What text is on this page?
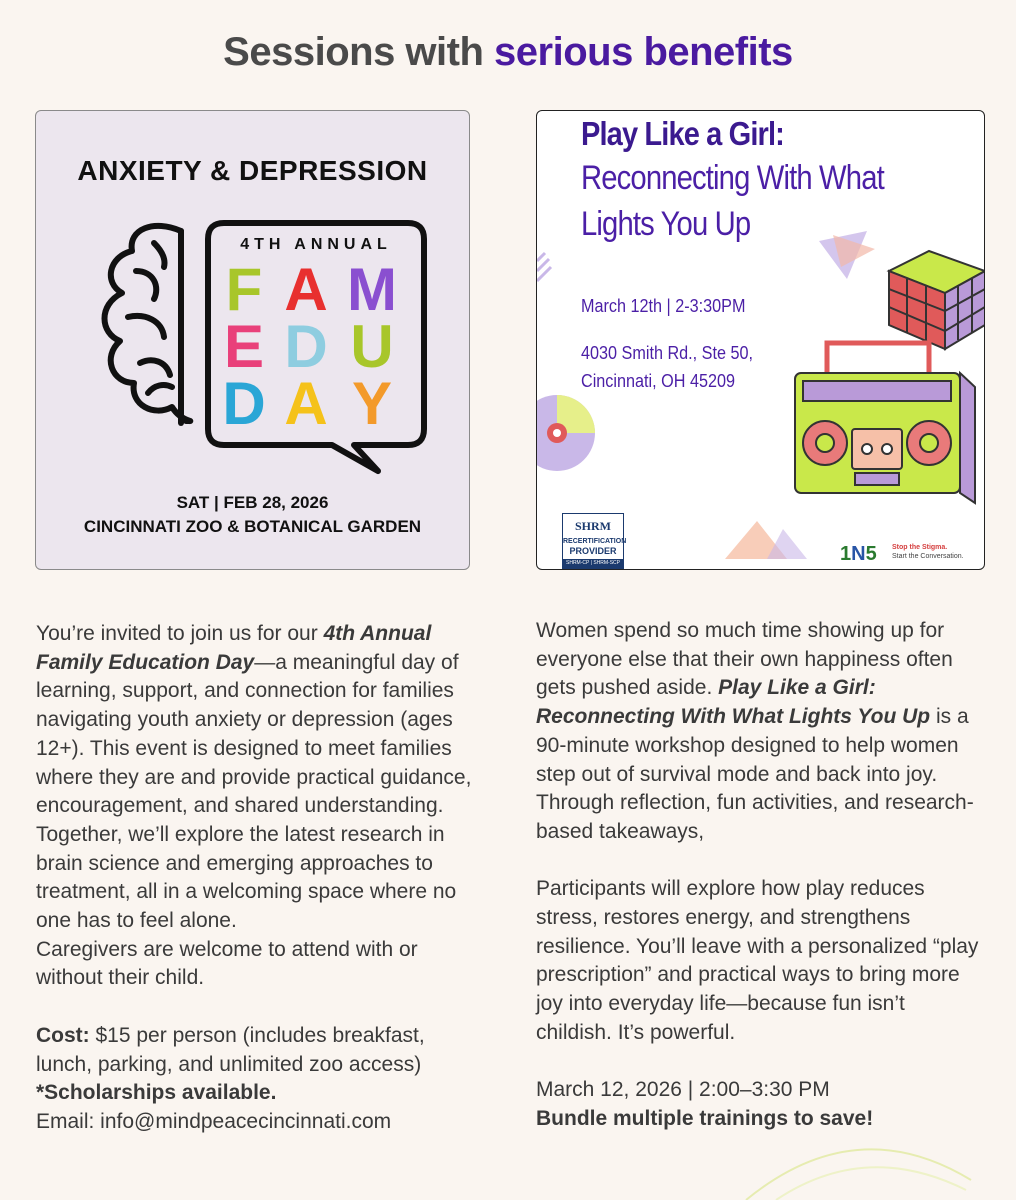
Sessions with serious benefits
ANXIETY & DEPRESSION
4TH ANNUAL
F A M
E D U
D A Y
SAT | FEB 28, 2026
CINCINNATI ZOO & BOTANICAL GARDEN
Play Like a Girl:
Reconnecting With What
Lights You Up
March 12th | 2-3:30PM
4030 Smith Rd., Ste 50,
Cincinnati, OH 45209
SHRM
RECERTIFICATION
PROVIDER
SHRM-CP | SHRM-SCP	1N5 Stop the Stigma.
Start the Conversation.

You’re invited to join us for our 4th Annual Family Education Day—a meaningful day of learning, support, and connection for families navigating youth anxiety or depression (ages 12+). This event is designed to meet families where they are and provide practical guidance, encouragement, and shared understanding. Together, we’ll explore the latest research in brain science and emerging approaches to treatment, all in a welcoming space where no one has to feel alone.

Caregivers are welcome to attend with or without their child.

Cost: $15 per person (includes breakfast, lunch, parking, and unlimited zoo access)

*Scholarships available.

Email: info@mindpeacecincinnati.com

Women spend so much time showing up for everyone else that their own happiness often gets pushed aside. Play Like a Girl: Reconnecting With What Lights You Up is a 90-minute workshop designed to help women step out of survival mode and back into joy. Through reflection, fun activities, and research-based takeaways,

Participants will explore how play reduces stress, restores energy, and strengthens resilience. You’ll leave with a personalized “play prescription” and practical ways to bring more joy into everyday life—because fun isn’t childish. It’s powerful.

March 12, 2026 | 2:00–3:30 PM

Bundle multiple trainings to save!
